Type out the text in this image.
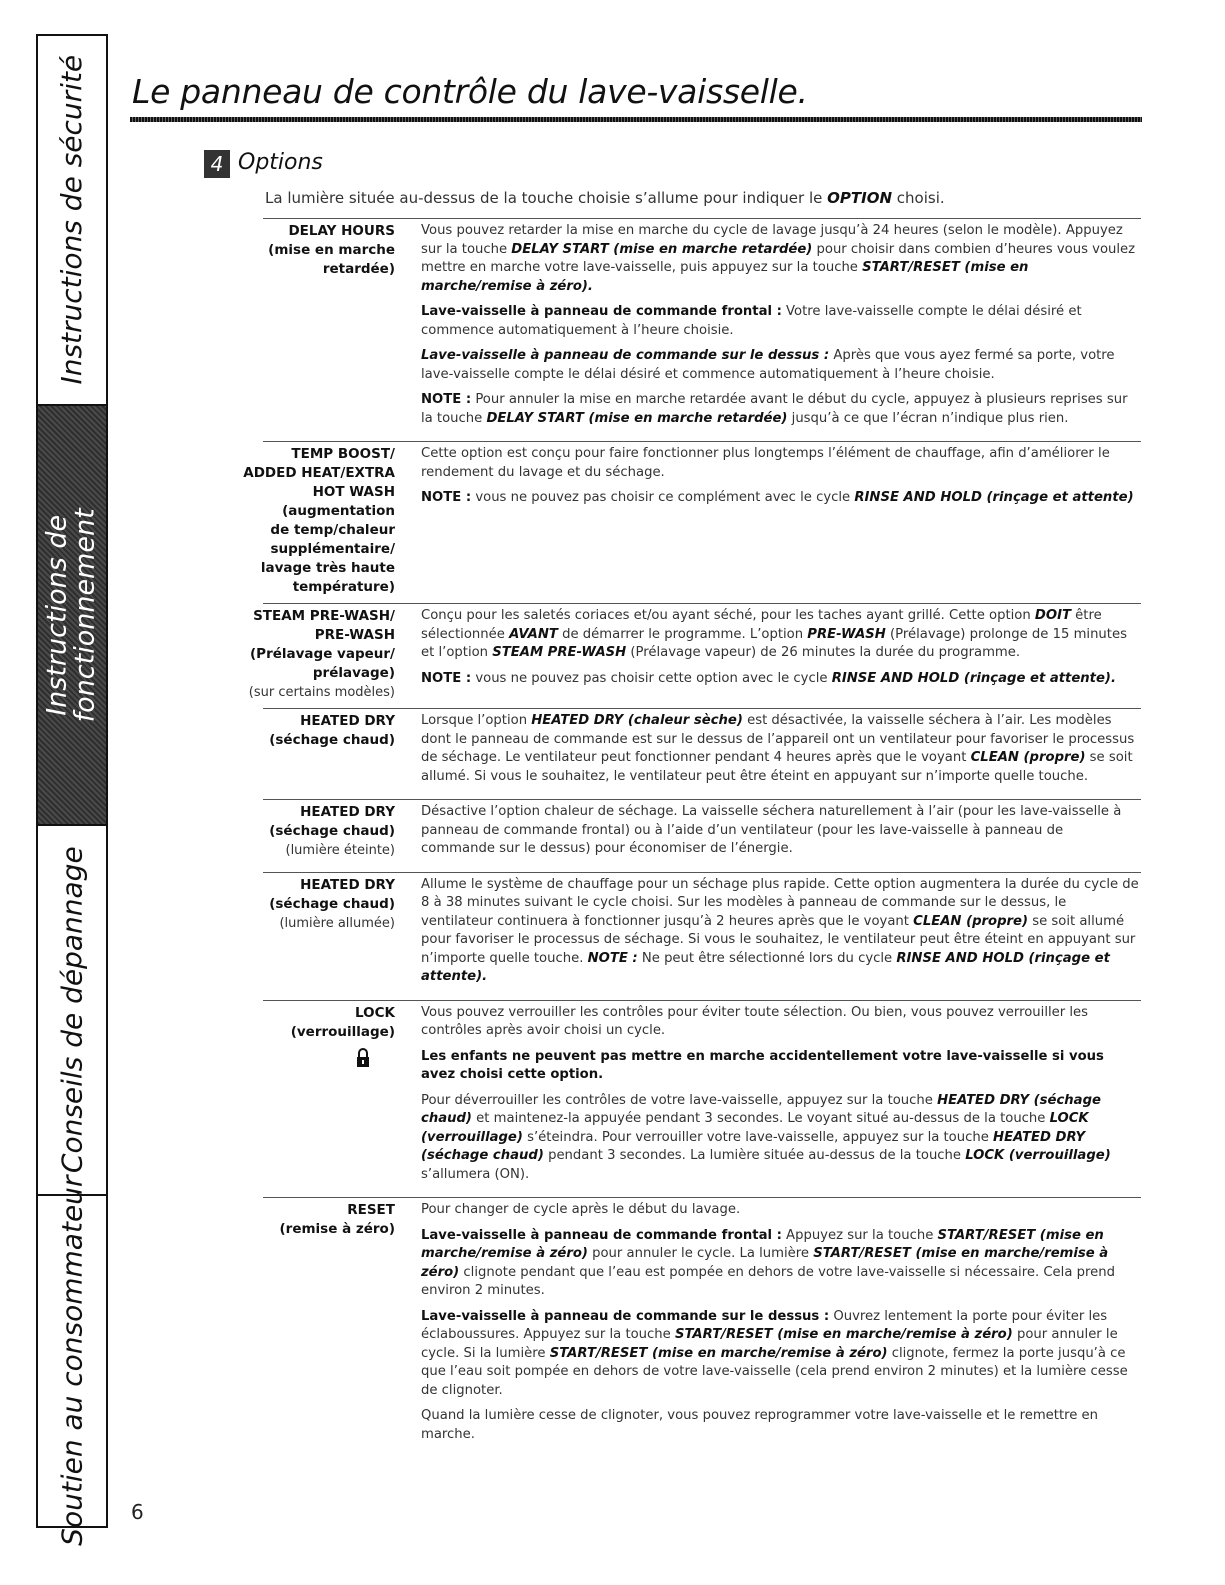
Instructions de sécurité
Instructions de
fonctionnement
Conseils de dépannage
Soutien au consommateur
Le panneau de contrôle du lave-vaisselle.
4 Options
La lumière située au-dessus de la touche choisie s’allume pour indiquer le OPTION choisi.
DELAY HOURS
(mise en marche
retardée)

Vous pouvez retarder la mise en marche du cycle de lavage jusqu’à 24 heures (selon le modèle). Appuyez sur la touche DELAY START (mise en marche retardée) pour choisir dans combien d’heures vous voulez mettre en marche votre lave-vaisselle, puis appuyez sur la touche START/RESET (mise en marche/remise à zéro).

Lave-vaisselle à panneau de commande frontal : Votre lave-vaisselle compte le délai désiré et commence automatiquement à l’heure choisie.

Lave-vaisselle à panneau de commande sur le dessus : Après que vous ayez fermé sa porte, votre lave-vaisselle compte le délai désiré et commence automatiquement à l’heure choisie.

NOTE : Pour annuler la mise en marche retardée avant le début du cycle, appuyez à plusieurs reprises sur la touche DELAY START (mise en marche retardée) jusqu’à ce que l’écran n’indique plus rien.

TEMP BOOST/
ADDED HEAT/EXTRA
HOT WASH
(augmentation
de temp/chaleur
supplémentaire/
lavage très haute
température)

Cette option est conçu pour faire fonctionner plus longtemps l’élément de chauffage, afin d’améliorer le rendement du lavage et du séchage.

NOTE : vous ne pouvez pas choisir ce complément avec le cycle RINSE AND HOLD (rinçage et attente)

STEAM PRE-WASH/
PRE-WASH
(Prélavage vapeur/
prélavage)
(sur certains modèles)

Conçu pour les saletés coriaces et/ou ayant séché, pour les taches ayant grillé. Cette option DOIT être sélectionnée AVANT de démarrer le programme. L’option PRE-WASH (Prélavage) prolonge de 15 minutes et l’option STEAM PRE-WASH (Prélavage vapeur) de 26 minutes la durée du programme.

NOTE : vous ne pouvez pas choisir cette option avec le cycle RINSE AND HOLD (rinçage et attente).

HEATED DRY
(séchage chaud)

Lorsque l’option HEATED DRY (chaleur sèche) est désactivée, la vaisselle séchera à l’air. Les modèles dont le panneau de commande est sur le dessus de l’appareil ont un ventilateur pour favoriser le processus de séchage. Le ventilateur peut fonctionner pendant 4 heures après que le voyant CLEAN (propre) se soit allumé. Si vous le souhaitez, le ventilateur peut être éteint en appuyant sur n’importe quelle touche.

HEATED DRY
(séchage chaud)
(lumière éteinte)

Désactive l’option chaleur de séchage. La vaisselle séchera naturellement à l’air (pour les lave-vaisselle à panneau de commande frontal) ou à l’aide d’un ventilateur (pour les lave-vaisselle à panneau de commande sur le dessus) pour économiser de l’énergie.

HEATED DRY
(séchage chaud)
(lumière allumée)

Allume le système de chauffage pour un séchage plus rapide. Cette option augmentera la durée du cycle de 8 à 38 minutes suivant le cycle choisi. Sur les modèles à panneau de commande sur le dessus, le ventilateur continuera à fonctionner jusqu’à 2 heures après que le voyant CLEAN (propre) se soit allumé pour favoriser le processus de séchage. Si vous le souhaitez, le ventilateur peut être éteint en appuyant sur n’importe quelle touche. NOTE : Ne peut être sélectionné lors du cycle RINSE AND HOLD (rinçage et attente).

LOCK
(verrouillage)

Vous pouvez verrouiller les contrôles pour éviter toute sélection. Ou bien, vous pouvez verrouiller les contrôles après avoir choisi un cycle.

Les enfants ne peuvent pas mettre en marche accidentellement votre lave-vaisselle si vous avez choisi cette option.

Pour déverrouiller les contrôles de votre lave-vaisselle, appuyez sur la touche HEATED DRY (séchage chaud) et maintenez-la appuyée pendant 3 secondes. Le voyant situé au-dessus de la touche LOCK (verrouillage) s’éteindra. Pour verrouiller votre lave-vaisselle, appuyez sur la touche HEATED DRY (séchage chaud) pendant 3 secondes. La lumière située au-dessus de la touche LOCK (verrouillage) s’allumera (ON).

RESET
(remise à zéro)

Pour changer de cycle après le début du lavage.

Lave-vaisselle à panneau de commande frontal : Appuyez sur la touche START/RESET (mise en marche/remise à zéro) pour annuler le cycle. La lumière START/RESET (mise en marche/remise à zéro) clignote pendant que l’eau est pompée en dehors de votre lave-vaisselle si nécessaire. Cela prend environ 2 minutes.

Lave-vaisselle à panneau de commande sur le dessus : Ouvrez lentement la porte pour éviter les éclaboussures. Appuyez sur la touche START/RESET (mise en marche/remise à zéro) pour annuler le cycle. Si la lumière START/RESET (mise en marche/remise à zéro) clignote, fermez la porte jusqu’à ce que l’eau soit pompée en dehors de votre lave-vaisselle (cela prend environ 2 minutes) et la lumière cesse de clignoter.

Quand la lumière cesse de clignoter, vous pouvez reprogrammer votre lave-vaisselle et le remettre en marche.

6
